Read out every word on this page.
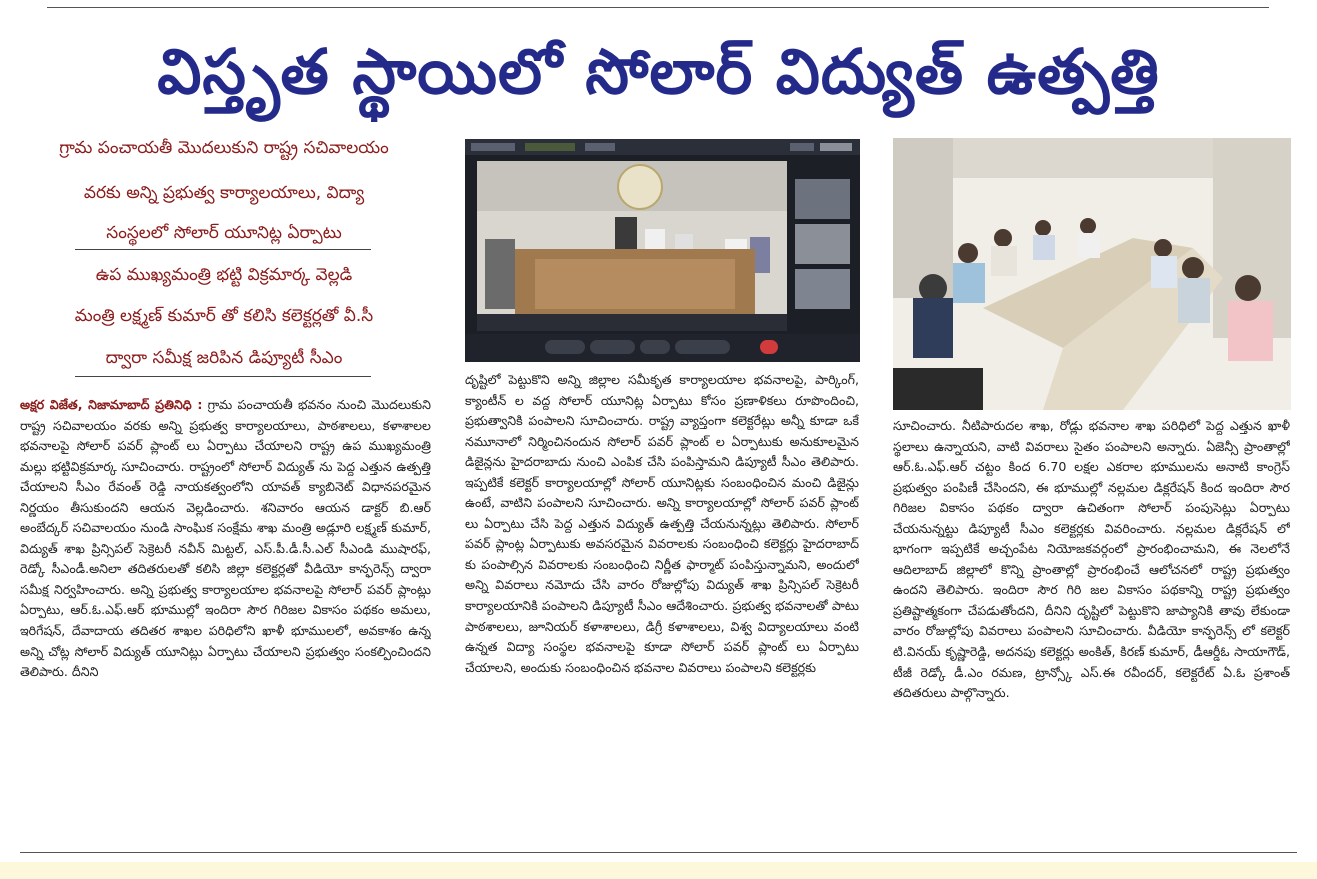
విస్తృత స్థాయిలో సోలార్ విద్యుత్ ఉత్పత్తి
గ్రామ పంచాయతీ మొదలుకుని రాష్ట్ర సచివాలయం
వరకు అన్ని ప్రభుత్వ కార్యాలయాలు, విద్యా
సంస్థలలో సోలార్ యూనిట్ల ఏర్పాటు
ఉప ముఖ్యమంత్రి భట్టి విక్రమార్క వెల్లడి
మంత్రి లక్ష్మణ్ కుమార్ తో కలిసి కలెక్టర్లతో వీ.సీ
ద్వారా సమీక్ష జరిపిన డిప్యూటీ సీఎం

అక్షర విజేత, నిజామాబాద్ ప్రతినిధి : గ్రామ పంచాయతీ భవనం నుంచి మొదలుకుని రాష్ట్ర సచివాలయం వరకు అన్ని ప్రభుత్వ కార్యాలయాలు, పాఠశాలలు, కళాశాలల భవనాలపై సోలార్ పవర్ ప్లాంట్ లు ఏర్పాటు చేయాలని రాష్ట్ర ఉప ముఖ్యమంత్రి మల్లు భట్టివిక్రమార్క సూచించారు. రాష్ట్రంలో సోలార్ విద్యుత్ ను పెద్ద ఎత్తున ఉత్పత్తి చేయాలని సీఎం రేవంత్ రెడ్డి నాయకత్వంలోని యావత్ క్యాబినెట్ విధానపరమైన నిర్ణయం తీసుకుందని ఆయన వెల్లడించారు. శనివారం ఆయన డాక్టర్ బి.ఆర్ అంబేద్కర్ సచివాలయం నుండి సాంఘిక సంక్షేమ శాఖ మంత్రి అడ్లూరి లక్ష్మణ్ కుమార్, విద్యుత్ శాఖ ప్రిన్సిపల్ సెక్రెటరీ నవీన్ మిట్టల్, ఎస్.పీ.డీ.సీ.ఎల్ సీఎండి ముషారఫ్, రెడ్కో సీఎండీ.అనిలా తదితరులతో కలిసి జిల్లా కలెక్టర్లతో వీడియో కాన్ఫరెన్స్ ద్వారా సమీక్ష నిర్వహించారు. అన్ని ప్రభుత్వ కార్యాలయాల భవనాలపై సోలార్ పవర్ ప్లాంట్లు ఏర్పాటు, ఆర్.ఓ.ఎఫ్.ఆర్ భూముల్లో ఇందిరా సౌర గిరిజల వికాసం పథకం అమలు, ఇరిగేషన్, దేవాదాయ తదితర శాఖల పరిధిలోని ఖాళీ భూములలో, అవకాశం ఉన్న అన్ని చోట్ల సోలార్ విద్యుత్ యూనిట్లు ఏర్పాటు చేయాలని ప్రభుత్వం సంకల్పించిందని తెలిపారు. దీనిని

దృష్టిలో పెట్టుకొని అన్ని జిల్లాల సమీకృత కార్యాలయాల భవనాలపై, పార్కింగ్, క్యాంటీన్ ల వద్ద సోలార్ యూనిట్ల ఏర్పాటు కోసం ప్రణాళికలు రూపొందించి, ప్రభుత్వానికి పంపాలని సూచించారు. రాష్ట్ర వ్యాప్తంగా కలెక్టరేట్లు అన్నీ కూడా ఒకే నమూనాలో నిర్మించినందున సోలార్ పవర్ ప్లాంట్ ల ఏర్పాటుకు అనుకూలమైన డిజైన్లను హైదరాబాదు నుంచి ఎంపిక చేసి పంపిస్తామని డిప్యూటీ సీఎం తెలిపారు. ఇప్పటికే కలెక్టర్ కార్యాలయాల్లో సోలార్ యూనిట్లకు సంబంధించిన మంచి డిజైన్లు ఉంటే, వాటిని పంపాలని సూచించారు. అన్ని కార్యాలయాల్లో సోలార్ పవర్ ప్లాంట్ లు ఏర్పాటు చేసి పెద్ద ఎత్తున విద్యుత్ ఉత్పత్తి చేయనున్నట్లు తెలిపారు. సోలార్ పవర్ ప్లాంట్ల ఏర్పాటుకు అవసరమైన వివరాలకు సంబంధించి కలెక్టర్లు హైదరాబాద్ కు పంపాల్సిన వివరాలకు సంబంధించి నిర్ణీత ఫార్మాట్ పంపిస్తున్నామని, అందులో అన్ని వివరాలు నమోదు చేసి వారం రోజుల్లోపు విద్యుత్ శాఖ ప్రిన్సిపల్ సెక్రెటరీ కార్యాలయానికి పంపాలని డిప్యూటీ సీఎం ఆదేశించారు. ప్రభుత్వ భవనాలతో పాటు పాఠశాలలు, జూనియర్ కళాశాలలు, డిగ్రీ కళాశాలలు, విశ్వ విద్యాలయాలు వంటి ఉన్నత విద్యా సంస్థల భవనాలపై కూడా సోలార్ పవర్ ప్లాంట్ లు ఏర్పాటు చేయాలని, అందుకు సంబంధించిన భవనాల వివరాలు పంపాలని కలెక్టర్లకు

సూచించారు. నీటిపారుదల శాఖ, రోడ్లు భవనాల శాఖ పరిధిలో పెద్ద ఎత్తున ఖాళీ స్థలాలు ఉన్నాయని, వాటి వివరాలు సైతం పంపాలని అన్నారు. ఏజెన్సీ ప్రాంతాల్లో ఆర్.ఓ.ఎఫ్.ఆర్ చట్టం కింద 6.70 లక్షల ఎకరాల భూములను అనాటి కాంగ్రెస్ ప్రభుత్వం పంపిణీ చేసిందని, ఈ భూముల్లో నల్లమల డిక్లరేషన్ కింద ఇందిరా సౌర గిరిజల వికాసం పథకం ద్వారా ఉచితంగా సోలార్ పంపుసెట్లు ఏర్పాటు చేయనున్నట్టు డిప్యూటీ సీఎం కలెక్టర్లకు వివరించారు. నల్లమల డిక్లరేషన్ లో భాగంగా ఇప్పటికే అచ్చంపేట నియోజకవర్గంలో ప్రారంభించామని, ఈ నెలలోనే ఆదిలాబాద్ జిల్లాలో కొన్ని ప్రాంతాల్లో ప్రారంభించే ఆలోచనలో రాష్ట్ర ప్రభుత్వం ఉందని తెలిపారు. ఇందిరా సౌర గిరి జల వికాసం పథకాన్ని రాష్ట్ర ప్రభుత్వం ప్రతిష్టాత్మకంగా చేపడుతోందని, దీనిని దృష్టిలో పెట్టుకొని జాప్యానికి తావు లేకుండా వారం రోజుల్లోపు వివరాలు పంపాలని సూచించారు. వీడియో కాన్ఫరెన్స్ లో కలెక్టర్ టి.వినయ్ కృష్ణారెడ్డి, అదనపు కలెక్టర్లు అంకిత్, కిరణ్ కుమార్, డీఆర్డీఓ సాయాగౌడ్, టీజీ రెడ్కో డీ.ఎం రమణ, ట్రాన్స్కో ఎస్.ఈ రవీందర్, కలెక్టరేట్ ఏ.ఓ ప్రశాంత్ తదితరులు పాల్గొన్నారు.
